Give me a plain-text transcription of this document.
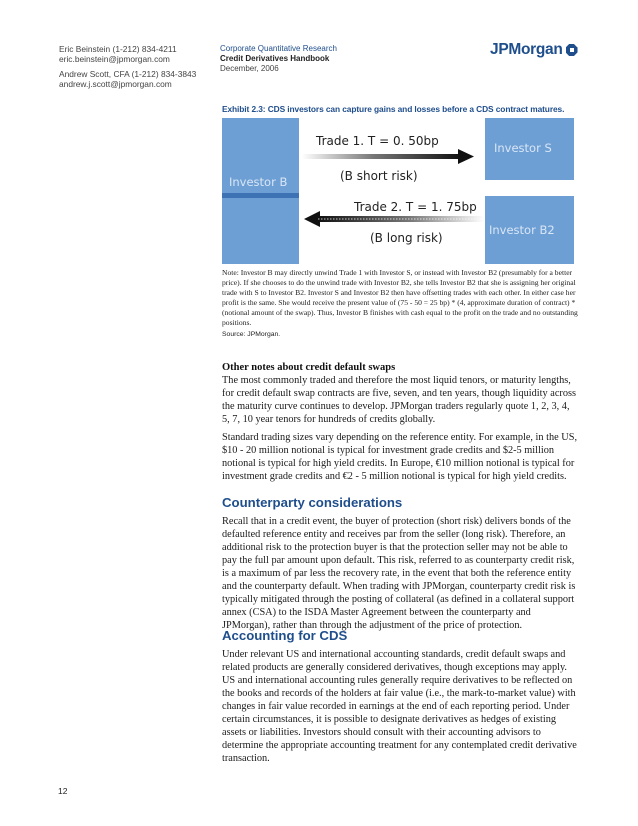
Eric Beinstein (1-212) 834-4211
eric.beinstein@jpmorgan.com
Andrew Scott, CFA (1-212) 834-3843
andrew.j.scott@jpmorgan.com
Corporate Quantitative Research
Credit Derivatives Handbook
December, 2006
JPMorgan
Exhibit 2.3: CDS investors can capture gains and losses before a CDS contract matures.
Investor B
Investor S
Investor B2
Trade 1. T = 0. 50bp
(B short risk)
Trade 2. T = 1. 75bp
(B long risk)
Note: Investor B may directly unwind Trade 1 with Investor S, or instead with Investor B2 (presumably for a better price). If she chooses to do the unwind trade with Investor B2, she tells Investor B2 that she is assigning her original trade with S to Investor B2. Investor S and Investor B2 then have offsetting trades with each other. In either case her profit is the same. She would receive the present value of (75 - 50 = 25 bp) * (4, approximate duration of contract) * (notional amount of the swap). Thus, Investor B finishes with cash equal to the profit on the trade and no outstanding positions.
Source: JPMorgan.
Other notes about credit default swaps
The most commonly traded and therefore the most liquid tenors, or maturity lengths, for credit default swap contracts are five, seven, and ten years, though liquidity across the maturity curve continues to develop. JPMorgan traders regularly quote 1, 2, 3, 4, 5, 7, 10 year tenors for hundreds of credits globally.
Standard trading sizes vary depending on the reference entity. For example, in the US, $10 - 20 million notional is typical for investment grade credits and $2-5 million notional is typical for high yield credits. In Europe, €10 million notional is typical for investment grade credits and €2 - 5 million notional is typical for high yield credits.
Counterparty considerations
Recall that in a credit event, the buyer of protection (short risk) delivers bonds of the defaulted reference entity and receives par from the seller (long risk). Therefore, an additional risk to the protection buyer is that the protection seller may not be able to pay the full par amount upon default. This risk, referred to as counterparty credit risk, is a maximum of par less the recovery rate, in the event that both the reference entity and the counterparty default. When trading with JPMorgan, counterparty credit risk is typically mitigated through the posting of collateral (as defined in a collateral support annex (CSA) to the ISDA Master Agreement between the counterparty and JPMorgan), rather than through the adjustment of the price of protection.
Accounting for CDS
Under relevant US and international accounting standards, credit default swaps and related products are generally considered derivatives, though exceptions may apply. US and international accounting rules generally require derivatives to be reflected on the books and records of the holders at fair value (i.e., the mark-to-market value) with changes in fair value recorded in earnings at the end of each reporting period. Under certain circumstances, it is possible to designate derivatives as hedges of existing assets or liabilities. Investors should consult with their accounting advisors to determine the appropriate accounting treatment for any contemplated credit derivative transaction.
12
